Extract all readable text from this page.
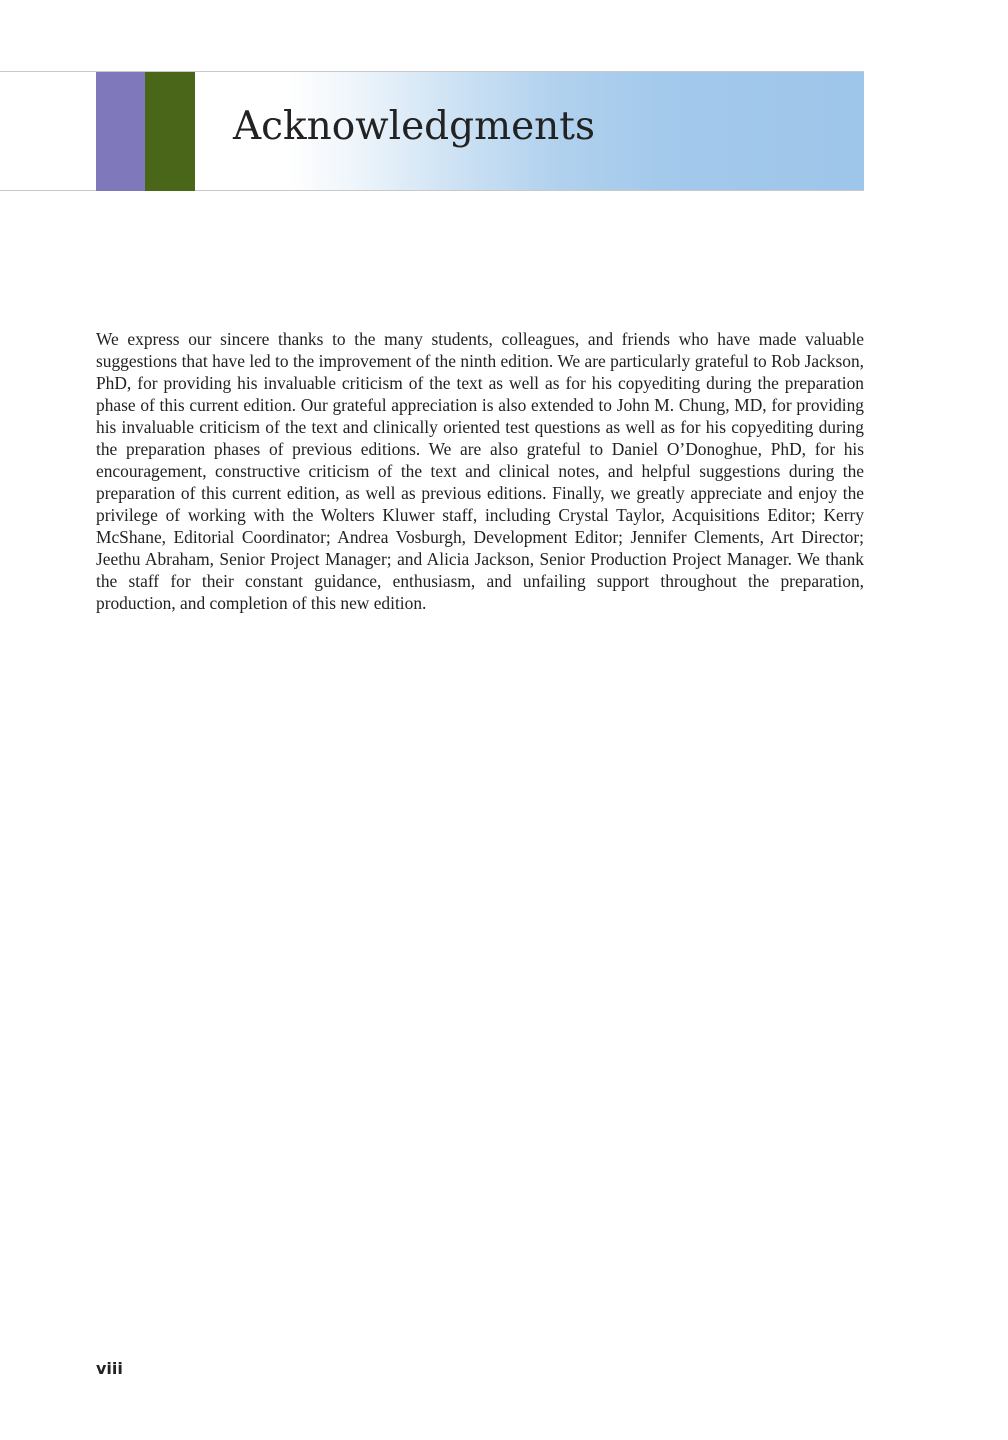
Acknowledgments

We express our sincere thanks to the many students, colleagues, and friends who have made valuable suggestions that have led to the improvement of the ninth edition. We are particularly grateful to Rob Jackson, PhD, for providing his invaluable criticism of the text as well as for his copyediting during the preparation phase of this current edition. Our grateful appreciation is also extended to John M. Chung, MD, for providing his invaluable criticism of the text and clinically oriented test questions as well as for his copyediting during the preparation phases of previous editions. We are also grateful to Daniel O’Donoghue, PhD, for his encouragement, constructive criticism of the text and clinical notes, and helpful suggestions during the preparation of this current edition, as well as previous editions. Finally, we greatly appreciate and enjoy the privilege of working with the Wolters Kluwer staff, including Crystal Taylor, Acquisitions Editor; Kerry McShane, Editorial Coordinator; Andrea Vosburgh, Development Editor; Jennifer Clements, Art Director; Jeethu Abraham, Senior Project Manager; and Alicia Jackson, Senior Production Project Manager. We thank the staff for their constant guidance, enthusiasm, and unfailing support throughout the preparation, production, and completion of this new edition.

viii
